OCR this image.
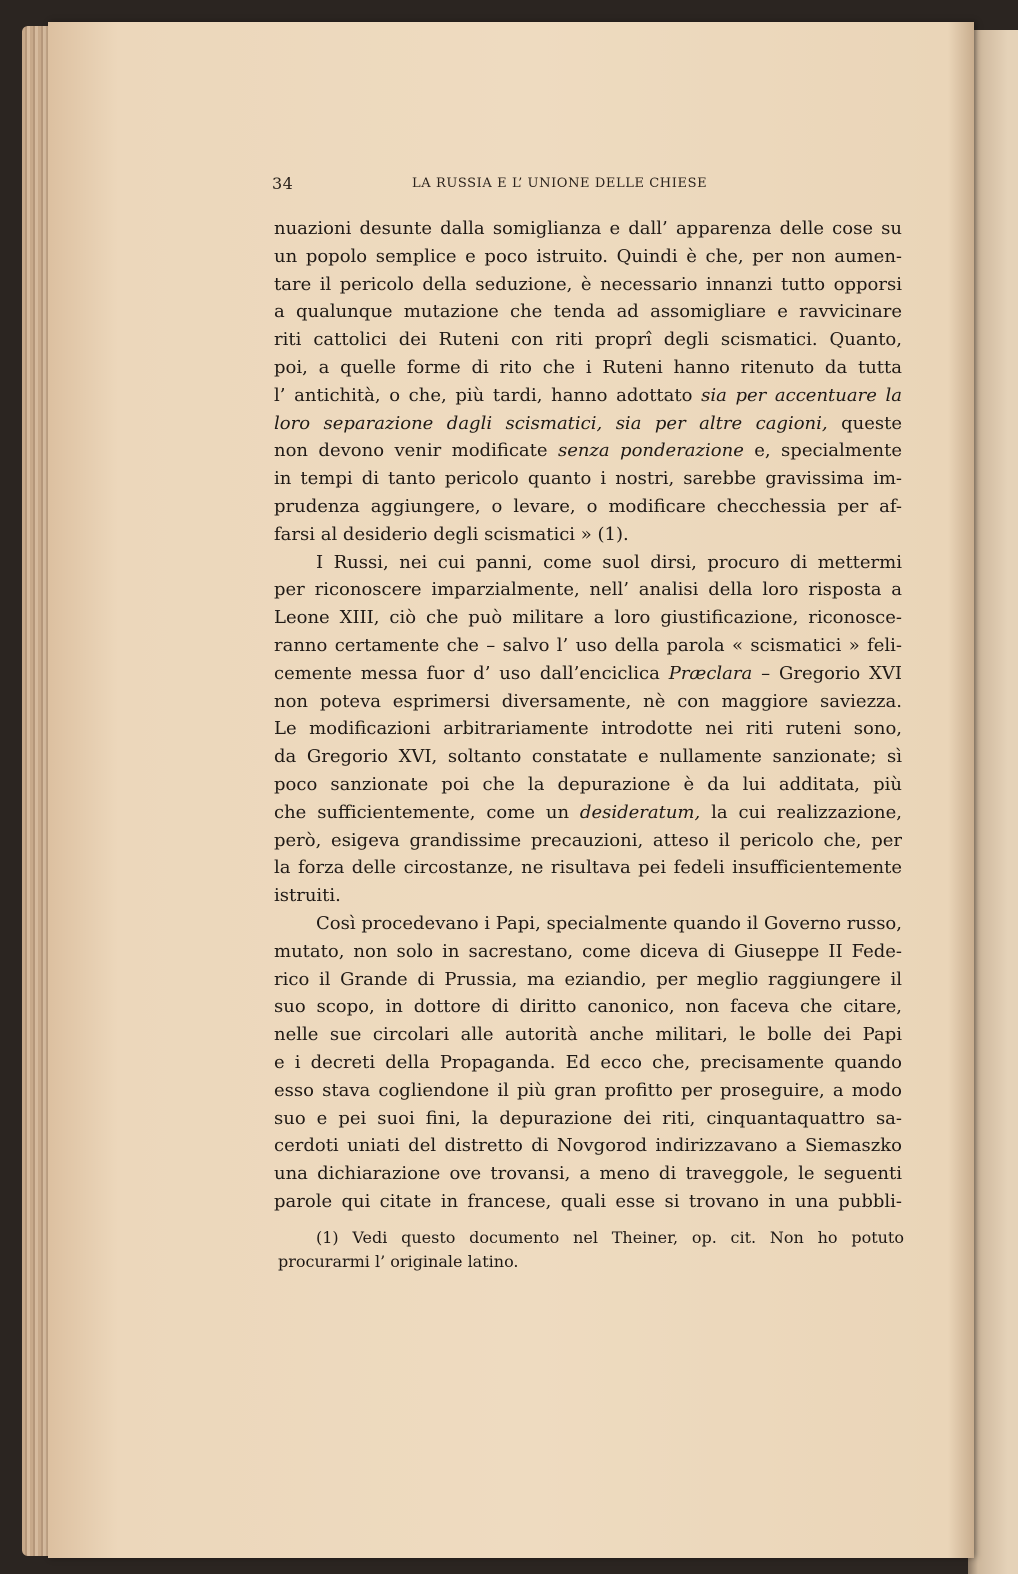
34	LA RUSSIA E L’ UNIONE DELLE CHIESE
nuazioni desunte dalla somiglianza e dall’ apparenza delle cose su
un popolo semplice e poco istruito. Quindi è che, per non aumen-
tare il pericolo della seduzione, è necessario innanzi tutto opporsi
a qualunque mutazione che tenda ad assomigliare e ravvicinare
riti cattolici dei Ruteni con riti proprî degli scismatici. Quanto,
poi, a quelle forme di rito che i Ruteni hanno ritenuto da tutta
l’ antichità, o che, più tardi, hanno adottato sia per accentuare la
loro separazione dagli scismatici, sia per altre cagioni, queste
non devono venir modificate senza ponderazione e, specialmente
in tempi di tanto pericolo quanto i nostri, sarebbe gravissima im-
prudenza aggiungere, o levare, o modificare checchessia per af-
farsi al desiderio degli scismatici » (1).
I Russi, nei cui panni, come suol dirsi, procuro di mettermi
per riconoscere imparzialmente, nell’ analisi della loro risposta a
Leone XIII, ciò che può militare a loro giustificazione, riconosce-
ranno certamente che – salvo l’ uso della parola « scismatici » feli-
cemente messa fuor d’ uso dall’enciclica Præclara – Gregorio XVI
non poteva esprimersi diversamente, nè con maggiore saviezza.
Le modificazioni arbitrariamente introdotte nei riti ruteni sono,
da Gregorio XVI, soltanto constatate e nullamente sanzionate; sì
poco sanzionate poi che la depurazione è da lui additata, più
che sufficientemente, come un desideratum, la cui realizzazione,
però, esigeva grandissime precauzioni, atteso il pericolo che, per
la forza delle circostanze, ne risultava pei fedeli insufficientemente
istruiti.
Così procedevano i Papi, specialmente quando il Governo russo,
mutato, non solo in sacrestano, come diceva di Giuseppe II Fede-
rico il Grande di Prussia, ma eziandio, per meglio raggiungere il
suo scopo, in dottore di diritto canonico, non faceva che citare,
nelle sue circolari alle autorità anche militari, le bolle dei Papi
e i decreti della Propaganda. Ed ecco che, precisamente quando
esso stava cogliendone il più gran profitto per proseguire, a modo
suo e pei suoi fini, la depurazione dei riti, cinquantaquattro sa-
cerdoti uniati del distretto di Novgorod indirizzavano a Siemaszko
una dichiarazione ove trovansi, a meno di traveggole, le seguenti
parole qui citate in francese, quali esse si trovano in una pubbli-
(1) Vedi questo documento nel Theiner, op. cit. Non ho potuto
procurarmi l’ originale latino.
